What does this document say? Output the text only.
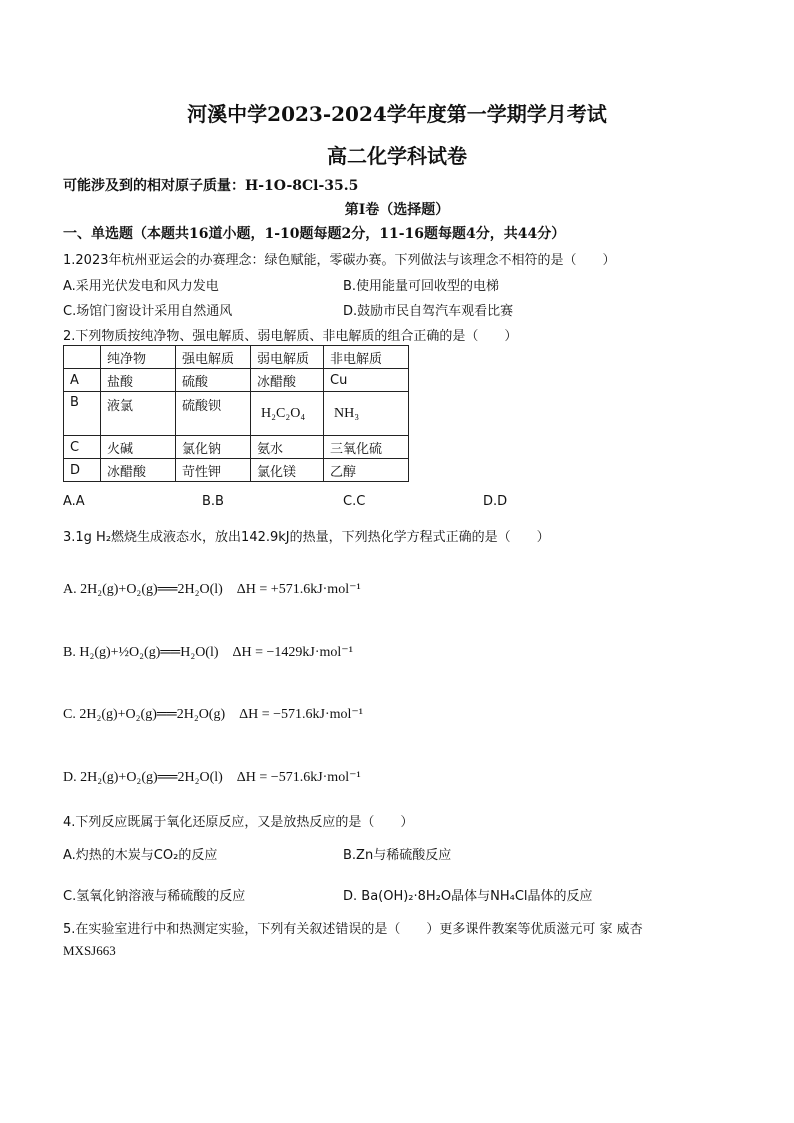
河溪中学2023-2024学年度第一学期学月考试
高二化学科试卷
可能涉及到的相对原子质量：H-1O-8Cl-35.5
第Ⅰ卷（选择题）
一、单选题（本题共16道小题，1-10题每题2分，11-16题每题4分，共44分）
1.2023年杭州亚运会的办赛理念：绿色赋能，零碳办赛。下列做法与该理念不相符的是（　　）
A.采用光伏发电和风力发电	B.使用能量可回收型的电梯
C.场馆门窗设计采用自然通风	D.鼓励市民自驾汽车观看比赛
2.下列物质按纯净物、强电解质、弱电解质、非电解质的组合正确的是（　　）
	纯净物	强电解质	弱电解质	非电解质
A	盐酸	硫酸	冰醋酸	Cu
B	液氯	硫酸钡	H₂C₂O₄	NH₃
C	火碱	氯化钠	氨水	三氧化硫
D	冰醋酸	苛性钾	氯化镁	乙醇
A.A	B.B	C.C	D.D
3.1g H₂燃烧生成液态水，放出142.9kJ的热量，下列热化学方程式正确的是（　　）
A. 2H₂(g)+O₂(g)══2H₂O(l)　ΔH = +571.6kJ·mol⁻¹
B. H₂(g)+½O₂(g)══H₂O(l)　ΔH = −1429kJ·mol⁻¹
C. 2H₂(g)+O₂(g)══2H₂O(g)　ΔH = −571.6kJ·mol⁻¹
D. 2H₂(g)+O₂(g)══2H₂O(l)　ΔH = −571.6kJ·mol⁻¹
4.下列反应既属于氧化还原反应，又是放热反应的是（　　）
A.灼热的木炭与CO₂的反应	B.Zn与稀硫酸反应
C.氢氧化钠溶液与稀硫酸的反应	D. Ba(OH)₂·8H₂O晶体与NH₄Cl晶体的反应
5.在实验室进行中和热测定实验，下列有关叙述错误的是（　　）更多课件教案等优质滋元可 家 威杏
MXSJ663
